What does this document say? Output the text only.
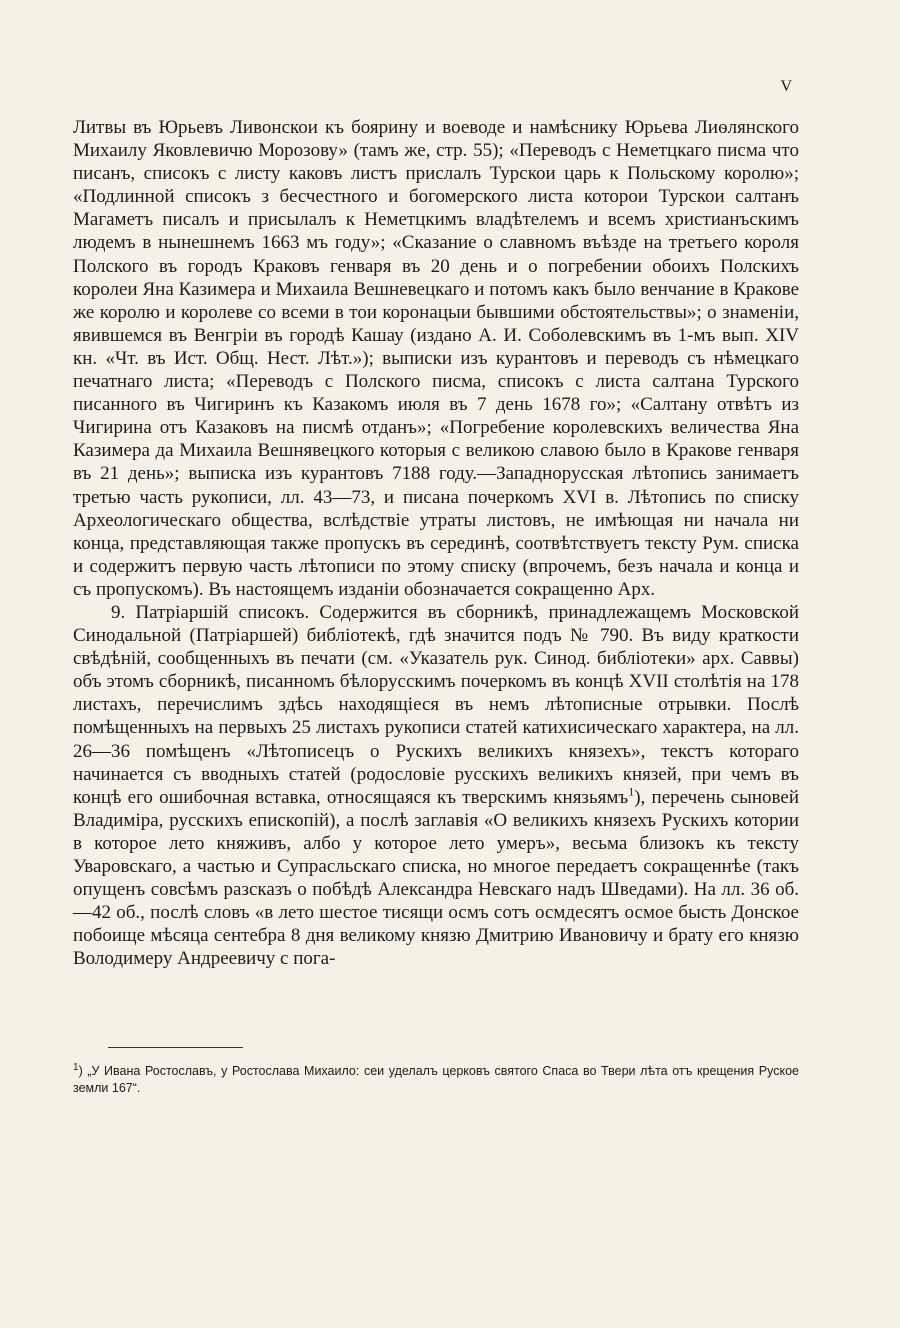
V

Литвы въ Юрьевъ Ливонскои къ боярину и воеводе и намѣснику Юрьева Лиѳлянского Михаилу Яковлевичю Морозову» (тамъ же, стр. 55); «Переводъ с Неметцкаго писма что писанъ, списокъ с листу каковъ листъ прислалъ Турскои царь к Польскому королю»; «Подлинной списокъ з бесчестного и богомерского листа которои Турскои салтанъ Магаметъ писалъ и присылалъ к Неметцкимъ владѣтелемъ и всемъ христианъскимъ людемъ в нынешнемъ 1663 мъ году»; «Сказание о славномъ въѣзде на третьего короля Полского въ городъ Краковъ генваря въ 20 день и о погребении обоихъ Полскихъ королеи Яна Казимера и Михаила Вешневецкаго и потомъ какъ было венчание в Кракове же королю и королеве со всеми в тои коронацыи бывшими обстоятельствы»; о знаменіи, явившемся въ Венгріи въ городѣ Кашау (издано А. И. Соболевскимъ въ 1-мъ вып. XIV кн. «Чт. въ Ист. Общ. Нест. Лѣт.»); выписки изъ курантовъ и переводъ съ нѣмецкаго печатнаго листа; «Переводъ с Полского писма, списокъ с листа салтана Турского писанного въ Чигиринъ къ Казакомъ июля въ 7 день 1678 го»; «Салтану отвѣтъ из Чигирина отъ Казаковъ на писмѣ отданъ»; «Погребение королевскихъ величества Яна Казимера да Михаила Вешнявецкого которыя с великою славою было в Кракове генваря въ 21 день»; выписка изъ курантовъ 7188 году.—Западнорусская лѣтопись занимаетъ третью часть рукописи, лл. 43—73, и писана почеркомъ XVI в. Лѣтопись по списку Археологическаго общества, вслѣдствіе утраты листовъ, не имѣющая ни начала ни конца, представляющая также пропускъ въ серединѣ, соотвѣтствуетъ тексту Рум. списка и содержитъ первую часть лѣтописи по этому списку (впрочемъ, безъ начала и конца и съ пропускомъ). Въ настоящемъ изданіи обозначается сокращенно Арх.

9. Патріаршій списокъ. Содержится въ сборникѣ, принадлежащемъ Московской Синодальной (Патріаршей) библіотекѣ, гдѣ значится подъ № 790. Въ виду краткости свѣдѣній, сообщенныхъ въ печати (см. «Указатель рук. Синод. библіотеки» арх. Саввы) объ этомъ сборникѣ, писанномъ бѣлорусскимъ почеркомъ въ концѣ XVII столѣтія на 178 листахъ, перечислимъ здѣсь находящіеся въ немъ лѣтописные отрывки. Послѣ помѣщенныхъ на первыхъ 25 листахъ рукописи статей катихисическаго характера, на лл. 26—36 помѣщенъ «Лѣтописецъ о Рускихъ великихъ князехъ», текстъ котораго начинается съ вводныхъ статей (родословіе русскихъ великихъ князей, при чемъ въ концѣ его ошибочная вставка, относящаяся къ тверскимъ князьямъ$^1$), перечень сыновей Владиміра, русскихъ епископій), а послѣ заглавія «О великихъ князехъ Рускихъ котории в которое лето княживъ, албо у которое лето умеръ», весьма близокъ къ тексту Уваровскаго, а частью и Супрасльскаго списка, но многое передаетъ сокращеннѣе (такъ опущенъ совсѣмъ разсказъ о побѣдѣ Александра Невскаго надъ Шведами). На лл. 36 об.—42 об., послѣ словъ «в лето шестое тисящи осмъ сотъ осмдесятъ осмое бысть Донское побоище мѣсяца сентебра 8 дня великому князю Дмитрию Ивановичу и брату его князю Володимеру Андреевичу с пога-

$^1$) „У Ивана Ростославъ, у Ростослава Михаило: сеи уделалъ церковъ святого Спаса во Твери лѣта отъ крещения Руское земли 167“.
